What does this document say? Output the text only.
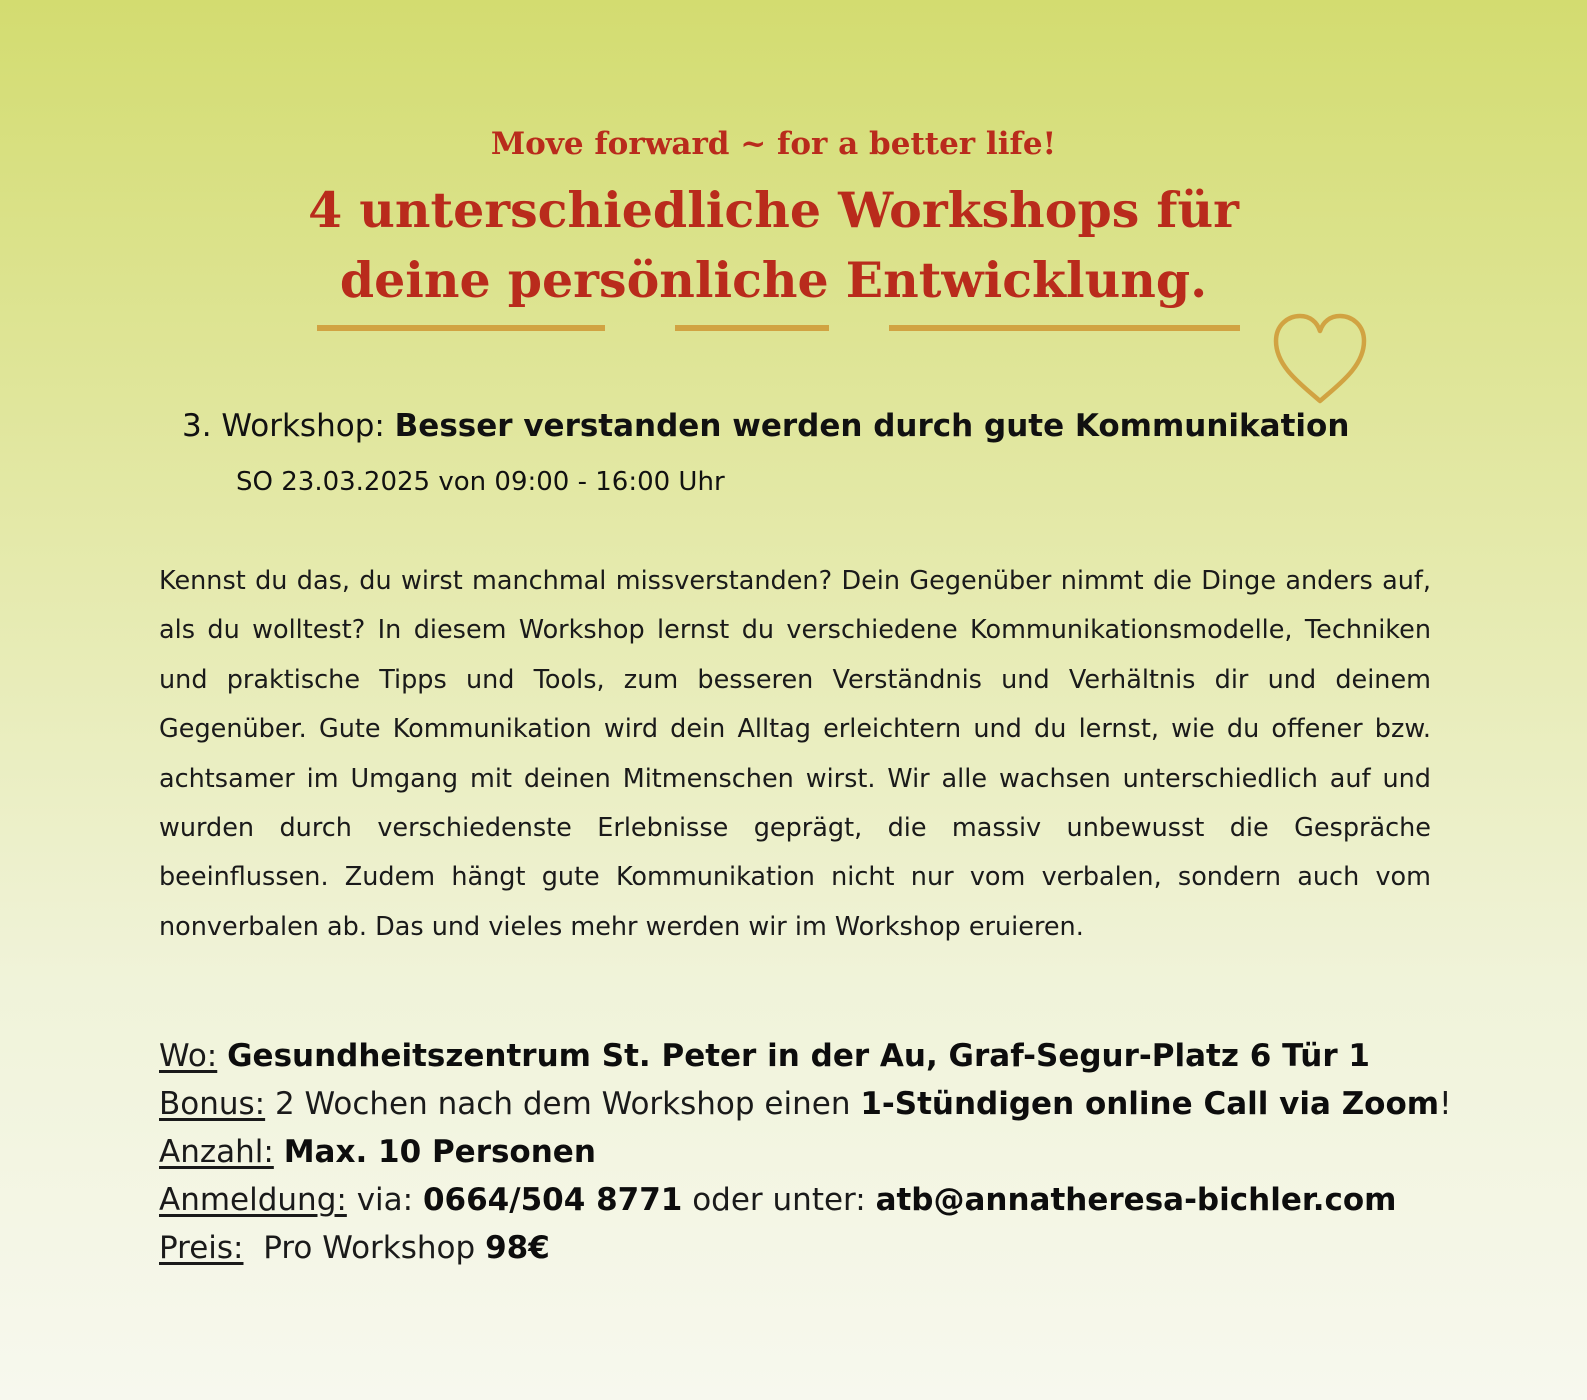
Move forward ~ for a better life!
4 unterschiedliche Workshops für
deine persönliche Entwicklung.
3. Workshop: Besser verstanden werden durch gute Kommunikation
SO 23.03.2025 von 09:00 - 16:00 Uhr
Kennst du das, du wirst manchmal missverstanden? Dein Gegenüber nimmt die Dinge anders auf, als du wolltest? In diesem Workshop lernst du verschiedene Kommunikationsmodelle, Techniken und praktische Tipps und Tools, zum besseren Verständnis und Verhältnis dir und deinem Gegenüber. Gute Kommunikation wird dein Alltag erleichtern und du lernst, wie du offener bzw. achtsamer im Umgang mit deinen Mitmenschen wirst. Wir alle wachsen unterschiedlich auf und wurden durch verschiedenste Erlebnisse geprägt, die massiv unbewusst die Gespräche beeinflussen. Zudem hängt gute Kommunikation nicht nur vom verbalen, sondern auch vom nonverbalen ab. Das und vieles mehr werden wir im Workshop eruieren.
Wo: Gesundheitszentrum St. Peter in der Au, Graf-Segur-Platz 6 Tür 1
Bonus: 2 Wochen nach dem Workshop einen 1-Stündigen online Call via Zoom!
Anzahl: Max. 10 Personen
Anmeldung: via: 0664/504 8771 oder unter: atb@annatheresa-bichler.com
Preis: Pro Workshop 98€
